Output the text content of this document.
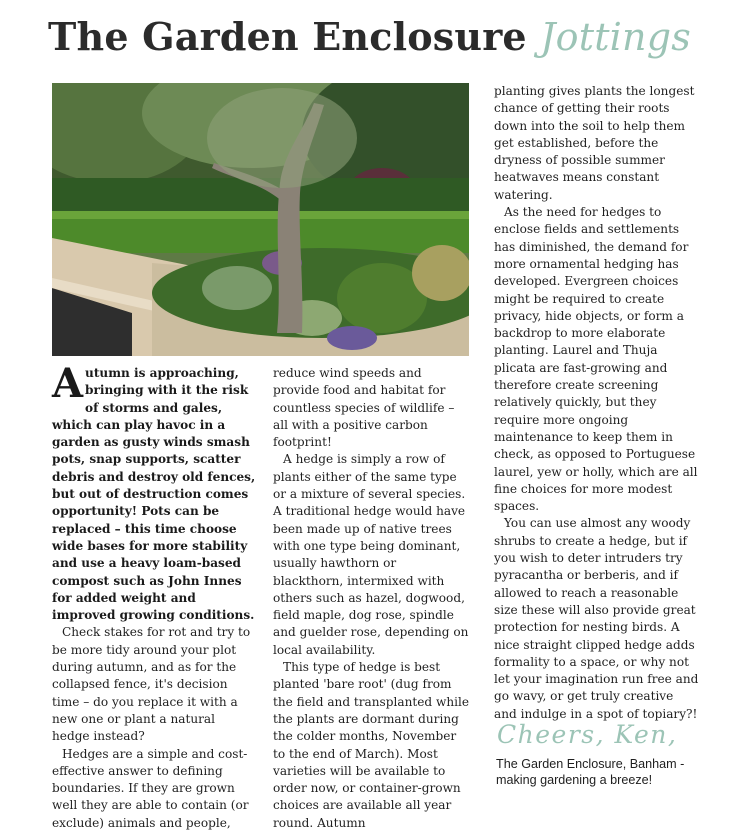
The Garden Enclosure Jottings

Autumn is approaching, bringing with it the risk of storms and gales, which can play havoc in a garden as gusty winds smash pots, snap supports, scatter debris and destroy old fences, but out of destruction comes opportunity! Pots can be replaced – this time choose wide bases for more stability and use a heavy loam-based compost such as John Innes for added weight and improved growing conditions.

Check stakes for rot and try to be more tidy around your plot during autumn, and as for the collapsed fence, it's decision time – do you replace it with a new one or plant a natural hedge instead?

Hedges are a simple and cost-effective answer to defining boundaries. If they are grown well they are able to contain (or exclude) animals and people,

reduce wind speeds and provide food and habitat for countless species of wildlife – all with a positive carbon footprint!

A hedge is simply a row of plants either of the same type or a mixture of several species. A traditional hedge would have been made up of native trees with one type being dominant, usually hawthorn or blackthorn, intermixed with others such as hazel, dogwood, field maple, dog rose, spindle and guelder rose, depending on local availability.

This type of hedge is best planted 'bare root' (dug from the field and transplanted while the plants are dormant during the colder months, November to the end of March). Most varieties will be available to order now, or container-grown choices are available all year round. Autumn

planting gives plants the longest chance of getting their roots down into the soil to help them get established, before the dryness of possible summer heatwaves means constant watering.

As the need for hedges to enclose fields and settlements has diminished, the demand for more ornamental hedging has developed. Evergreen choices might be required to create privacy, hide objects, or form a backdrop to more elaborate planting. Laurel and Thuja plicata are fast-growing and therefore create screening relatively quickly, but they require more ongoing maintenance to keep them in check, as opposed to Portuguese laurel, yew or holly, which are all fine choices for more modest spaces.

You can use almost any woody shrubs to create a hedge, but if you wish to deter intruders try pyracantha or berberis, and if allowed to reach a reasonable size these will also provide great protection for nesting birds. A nice straight clipped hedge adds formality to a space, or why not let your imagination run free and go wavy, or get truly creative and indulge in a spot of topiary?!

Cheers, Ken,
The Garden Enclosure, Banham - making gardening a breeze!
